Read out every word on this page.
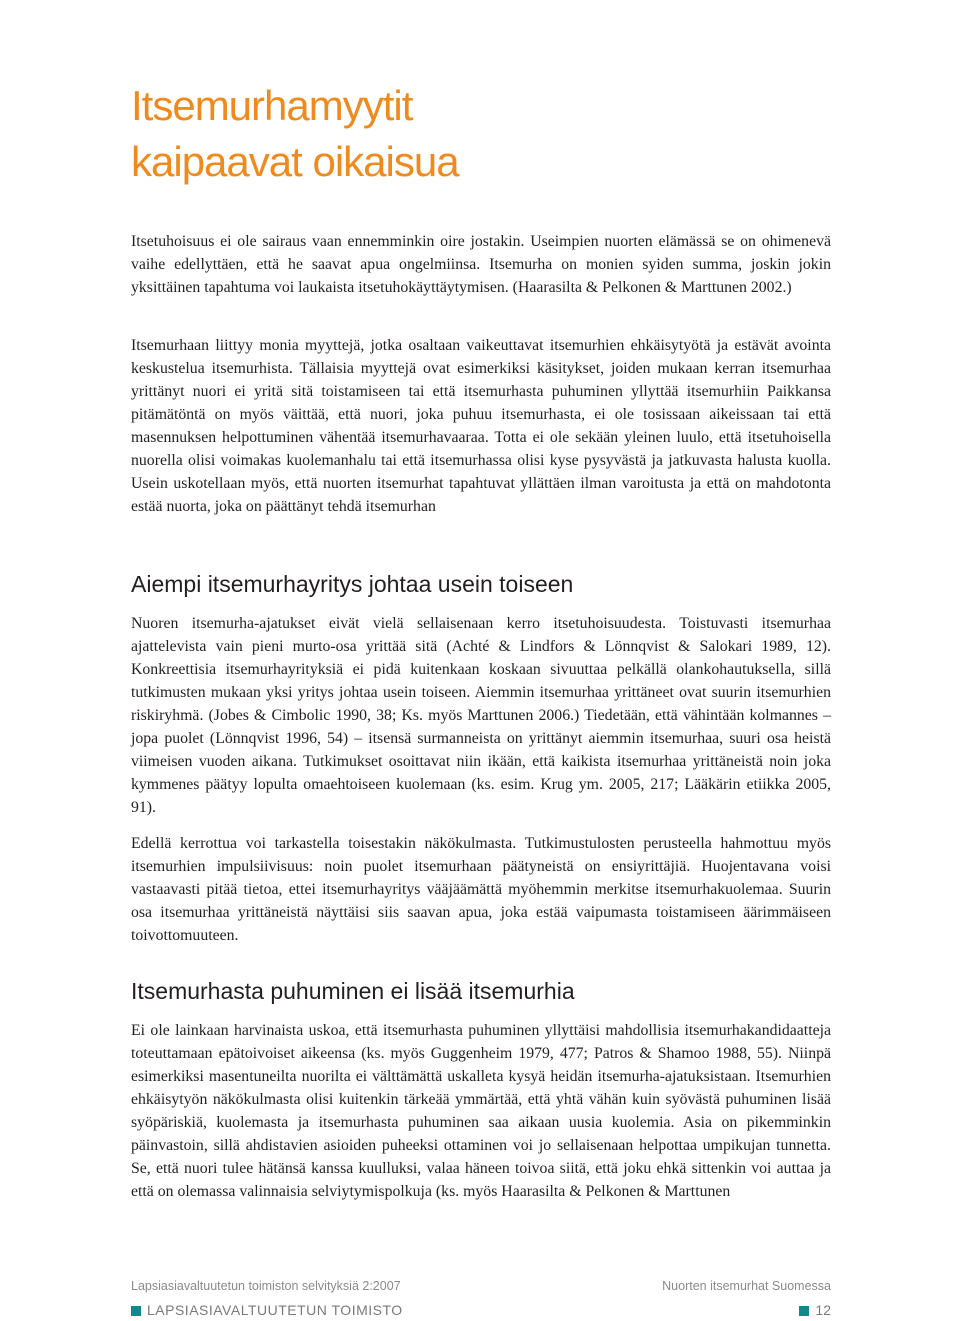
Itsemurhamyytit
kaipaavat oikaisua

Itsetuhoisuus ei ole sairaus vaan ennemminkin oire jostakin. Useimpien nuorten elämässä se on ohimenevä vaihe edellyttäen, että he saavat apua ongelmiinsa. Itsemurha on monien syiden summa, joskin jokin yksittäinen tapahtuma voi laukaista itsetuhokäyttäytymisen. (Haarasilta & Pelkonen & Marttunen 2002.)

Itsemurhaan liittyy monia myyttejä, jotka osaltaan vaikeuttavat itsemurhien ehkäisytyötä ja estävät avointa keskustelua itsemurhista. Tällaisia myyttejä ovat esimerkiksi käsitykset, joiden mukaan kerran itsemurhaa yrittänyt nuori ei yritä sitä toistamiseen tai että itsemurhasta puhuminen yllyttää itsemurhiin Paikkansa pitämätöntä on myös väittää, että nuori, joka puhuu itsemurhasta, ei ole tosissaan aikeissaan tai että masennuksen helpottuminen vähentää itsemurhavaaraa. Totta ei ole sekään yleinen luulo, että itsetuhoisella nuorella olisi voimakas kuolemanhalu tai että itsemurhassa olisi kyse pysyvästä ja jatkuvasta halusta kuolla. Usein uskotellaan myös, että nuorten itsemurhat tapahtuvat yllättäen ilman varoitusta ja että on mahdotonta estää nuorta, joka on päättänyt tehdä itsemurhan

Aiempi itsemurhayritys johtaa usein toiseen

Nuoren itsemurha-ajatukset eivät vielä sellaisenaan kerro itsetuhoisuudesta. Toistuvasti itsemurhaa ajattelevista vain pieni murto-osa yrittää sitä (Achté & Lindfors & Lönnqvist & Salokari 1989, 12). Konkreettisia itsemurhayrityksiä ei pidä kuitenkaan koskaan sivuuttaa pelkällä olankohautuksella, sillä tutkimusten mukaan yksi yritys johtaa usein toiseen. Aiemmin itsemurhaa yrittäneet ovat suurin itsemurhien riskiryhmä. (Jobes & Cimbolic 1990, 38; Ks. myös Marttunen 2006.) Tiedetään, että vähintään kolmannes – jopa puolet (Lönnqvist 1996, 54) – itsensä surmanneista on yrittänyt aiemmin itsemurhaa, suuri osa heistä viimeisen vuoden aikana. Tutkimukset osoittavat niin ikään, että kaikista itsemurhaa yrittäneistä noin joka kymmenes päätyy lopulta omaehtoiseen kuolemaan (ks. esim. Krug ym. 2005, 217; Lääkärin etiikka 2005, 91).

Edellä kerrottua voi tarkastella toisestakin näkökulmasta. Tutkimustulosten perusteella hahmottuu myös itsemurhien impulsiivisuus: noin puolet itsemurhaan päätyneistä on ensiyrittäjiä. Huojentavana voisi vastaavasti pitää tietoa, ettei itsemurhayritys vääjäämättä myöhemmin merkitse itsemurhakuolemaa. Suurin osa itsemurhaa yrittäneistä näyttäisi siis saavan apua, joka estää vaipumasta toistamiseen äärimmäiseen toivottomuuteen.

Itsemurhasta puhuminen ei lisää itsemurhia

Ei ole lainkaan harvinaista uskoa, että itsemurhasta puhuminen yllyttäisi mahdollisia itsemurhakandidaatteja toteuttamaan epätoivoiset aikeensa (ks. myös Guggenheim 1979, 477; Patros & Shamoo 1988, 55). Niinpä esimerkiksi masentuneilta nuorilta ei välttämättä uskalleta kysyä heidän itsemurha-ajatuksistaan. Itsemurhien ehkäisytyön näkökulmasta olisi kuitenkin tärkeää ymmärtää, että yhtä vähän kuin syövästä puhuminen lisää syöpäriskiä, kuolemasta ja itsemurhasta puhuminen saa aikaan uusia kuolemia. Asia on pikemminkin päinvastoin, sillä ahdistavien asioiden puheeksi ottaminen voi jo sellaisenaan helpottaa umpikujan tunnetta. Se, että nuori tulee hätänsä kanssa kuulluksi, valaa häneen toivoa siitä, että joku ehkä sittenkin voi auttaa ja että on olemassa valinnaisia selviytymispolkuja (ks. myös Haarasilta & Pelkonen & Marttunen

Lapsiasiavaltuutetun toimiston selvityksiä 2:2007	Nuorten itsemurhat Suomessa
LAPSIASIAVALTUUTETUN TOIMISTO	12
